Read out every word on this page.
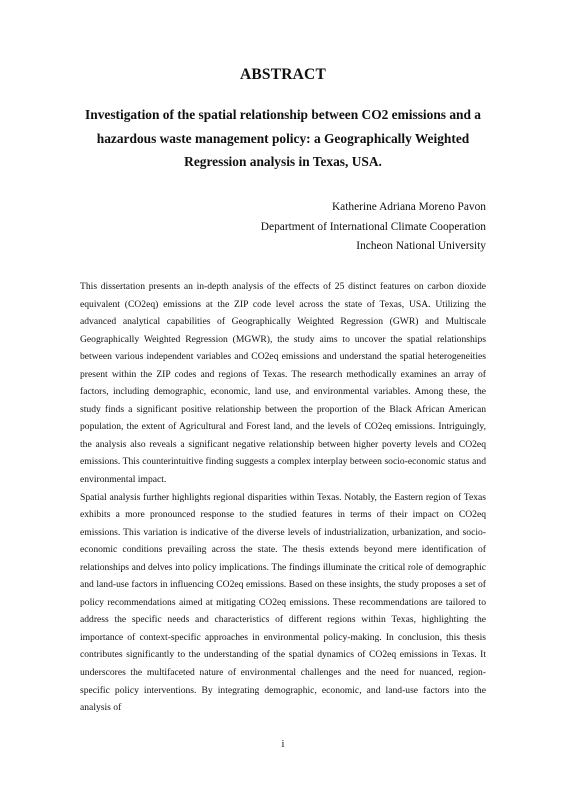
ABSTRACT
Investigation of the spatial relationship between CO2 emissions and a hazardous waste management policy: a Geographically Weighted Regression analysis in Texas, USA.
Katherine Adriana Moreno Pavon
Department of International Climate Cooperation
Incheon National University

This dissertation presents an in-depth analysis of the effects of 25 distinct features on carbon dioxide equivalent (CO2eq) emissions at the ZIP code level across the state of Texas, USA. Utilizing the advanced analytical capabilities of Geographically Weighted Regression (GWR) and Multiscale Geographically Weighted Regression (MGWR), the study aims to uncover the spatial relationships between various independent variables and CO2eq emissions and understand the spatial heterogeneities present within the ZIP codes and regions of Texas. The research methodically examines an array of factors, including demographic, economic, land use, and environmental variables. Among these, the study finds a significant positive relationship between the proportion of the Black African American population, the extent of Agricultural and Forest land, and the levels of CO2eq emissions. Intriguingly, the analysis also reveals a significant negative relationship between higher poverty levels and CO2eq emissions. This counterintuitive finding suggests a complex interplay between socio-economic status and environmental impact.

Spatial analysis further highlights regional disparities within Texas. Notably, the Eastern region of Texas exhibits a more pronounced response to the studied features in terms of their impact on CO2eq emissions. This variation is indicative of the diverse levels of industrialization, urbanization, and socio-economic conditions prevailing across the state. The thesis extends beyond mere identification of relationships and delves into policy implications. The findings illuminate the critical role of demographic and land-use factors in influencing CO2eq emissions. Based on these insights, the study proposes a set of policy recommendations aimed at mitigating CO2eq emissions. These recommendations are tailored to address the specific needs and characteristics of different regions within Texas, highlighting the importance of context-specific approaches in environmental policy-making. In conclusion, this thesis contributes significantly to the understanding of the spatial dynamics of CO2eq emissions in Texas. It underscores the multifaceted nature of environmental challenges and the need for nuanced, region-specific policy interventions. By integrating demographic, economic, and land-use factors into the analysis of

i
